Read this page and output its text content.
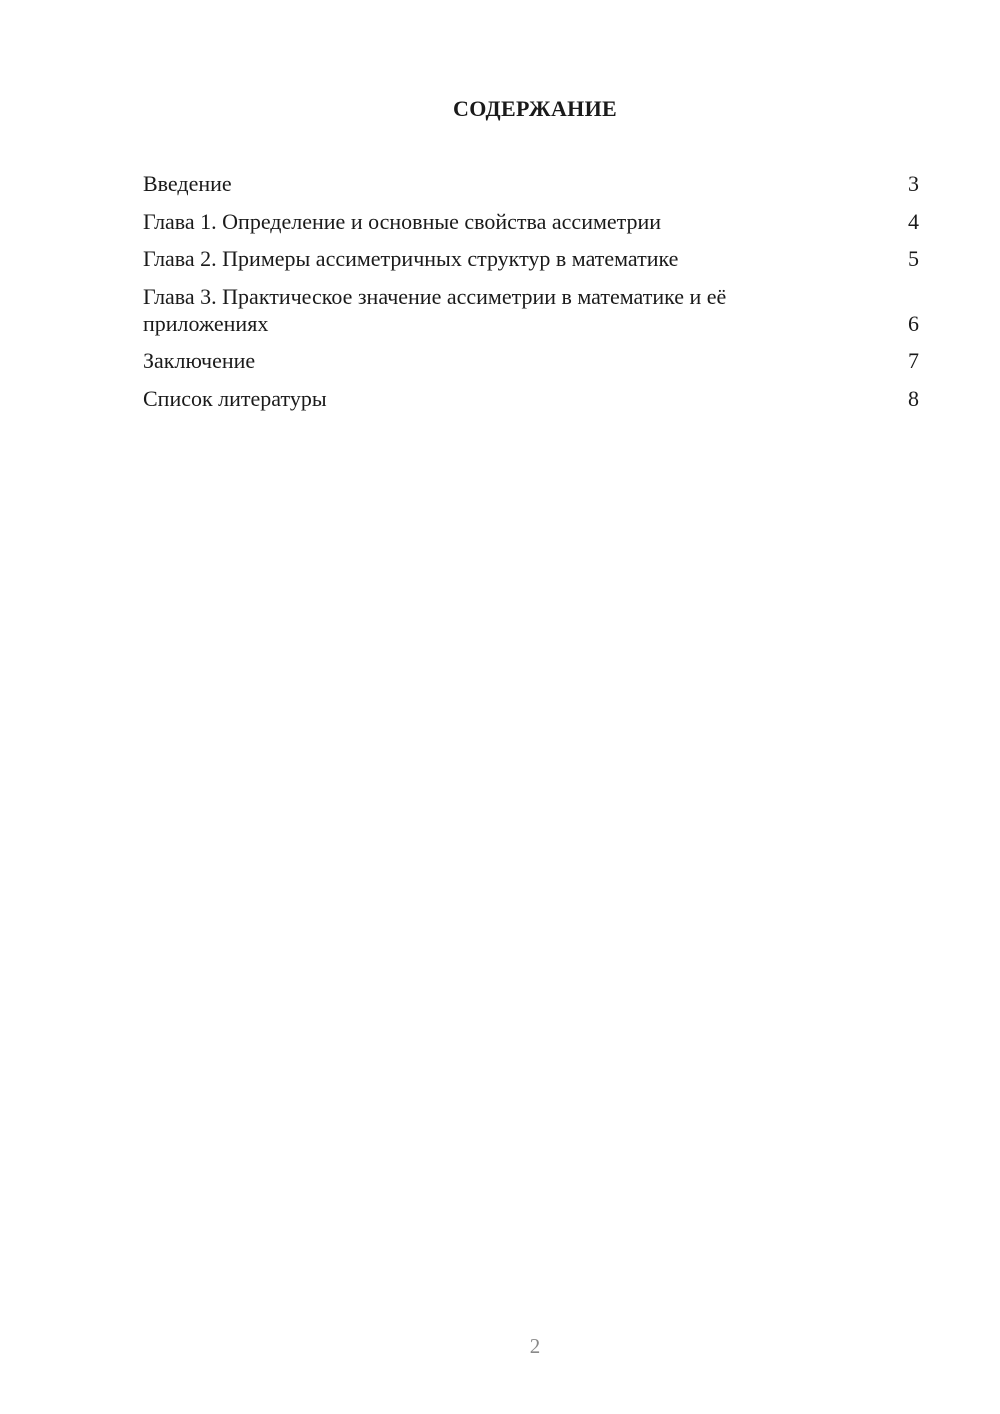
СОДЕРЖАНИЕ
Введение	3
Глава 1. Определение и основные свойства ассиметрии	4
Глава 2. Примеры ассиметричных структур в математике	5
Глава 3. Практическое значение ассиметрии в математике и её приложениях	6
Заключение	7
Список литературы	8
2
